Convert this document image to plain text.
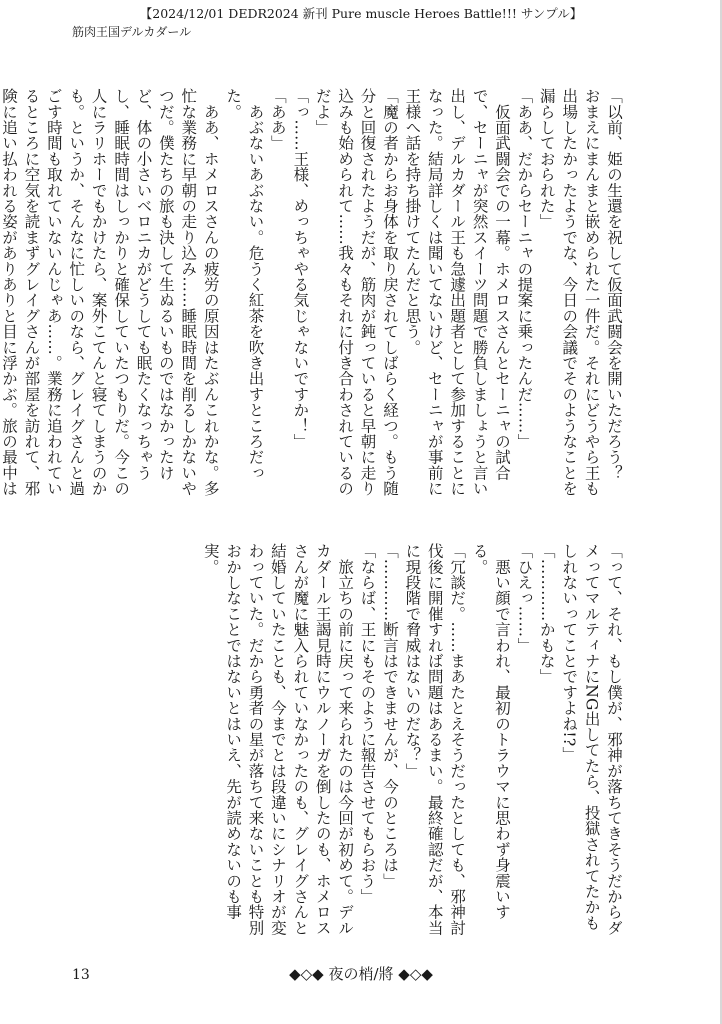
【2024/12/01 DEDR2024 新刊 Pure muscle Heroes Battle!!! サンプル】
筋肉王国デルカダール

「以前、姫の生還を祝して仮面武闘会を開いただろう？　おまえにまんまと嵌められた一件だ。それにどうやら王も出場したかったようでな、今日の会議でそのようなことを漏らしておられた」
「ああ、だからセーニャの提案に乗ったんだ……」
　仮面武闘会での一幕。ホメロスさんとセーニャの試合で、セーニャが突然スイーツ問題で勝負しましょうと言い出し、デルカダール王も急遽出題者として参加することになった。結局詳しくは聞いてないけど、セーニャが事前に王様へ話を持ち掛けてたんだと思う。
「魔の者からお身体を取り戻されてしばらく経つ。もう随分と回復されたようだが、筋肉が鈍っていると早朝に走り込みも始められて……我々もそれに付き合わされているのだよ」
「っ……王様、めっちゃやる気じゃないですか！」
「ああ」
　あぶないあぶない。危うく紅茶を吹き出すところだった。
　ああ、ホメロスさんの疲労の原因はたぶんこれかな。多忙な業務に早朝の走り込み……睡眠時間を削るしかないやつだ。僕たちの旅も決して生ぬるいものではなかったけど、体の小さいベロニカがどうしても眠たくなっちゃうし、睡眠時間はしっかりと確保していたつもりだ。今この人にラリホーでもかけたら、案外こてんと寝てしまうのかも。というか、そんなに忙しいのなら、グレイグさんと過ごす時間も取れていないんじゃあ……。業務に追われているところに空気を読まずグレイグさんが部屋を訪れて、邪険に追い払われる姿がありありと目に浮かぶ。旅の最中は

「って、それ、もし僕が、邪神が落ちてきそうだからダメってマルティナにNG出してたら、投獄されてたかもしれないってことですよね!?」
「…………かもな」
「ひえっ……」
　悪い顔で言われ、最初のトラウマに思わず身震いする。
「冗談だ。……まあたとえそうだったとしても、邪神討伐後に開催すれば問題はあるまい。最終確認だが、本当に現段階で脅威はないのだな？」
「…………断言はできませんが、今のところは」
「ならば、王にもそのように報告させてもらおう」
　旅立ちの前に戻って来られたのは今回が初めて。デルカダール王謁見時にウルノーガを倒したのも、ホメロスさんが魔に魅入られていなかったのも、グレイグさんと結婚していたことも、今までとは段違いにシナリオが変わっていた。だから勇者の星が落ちて来ないことも特別おかしなことではないとはいえ、先が読めないのも事実。

13	◆◇◆ 夜の梢/將 ◆◇◆
